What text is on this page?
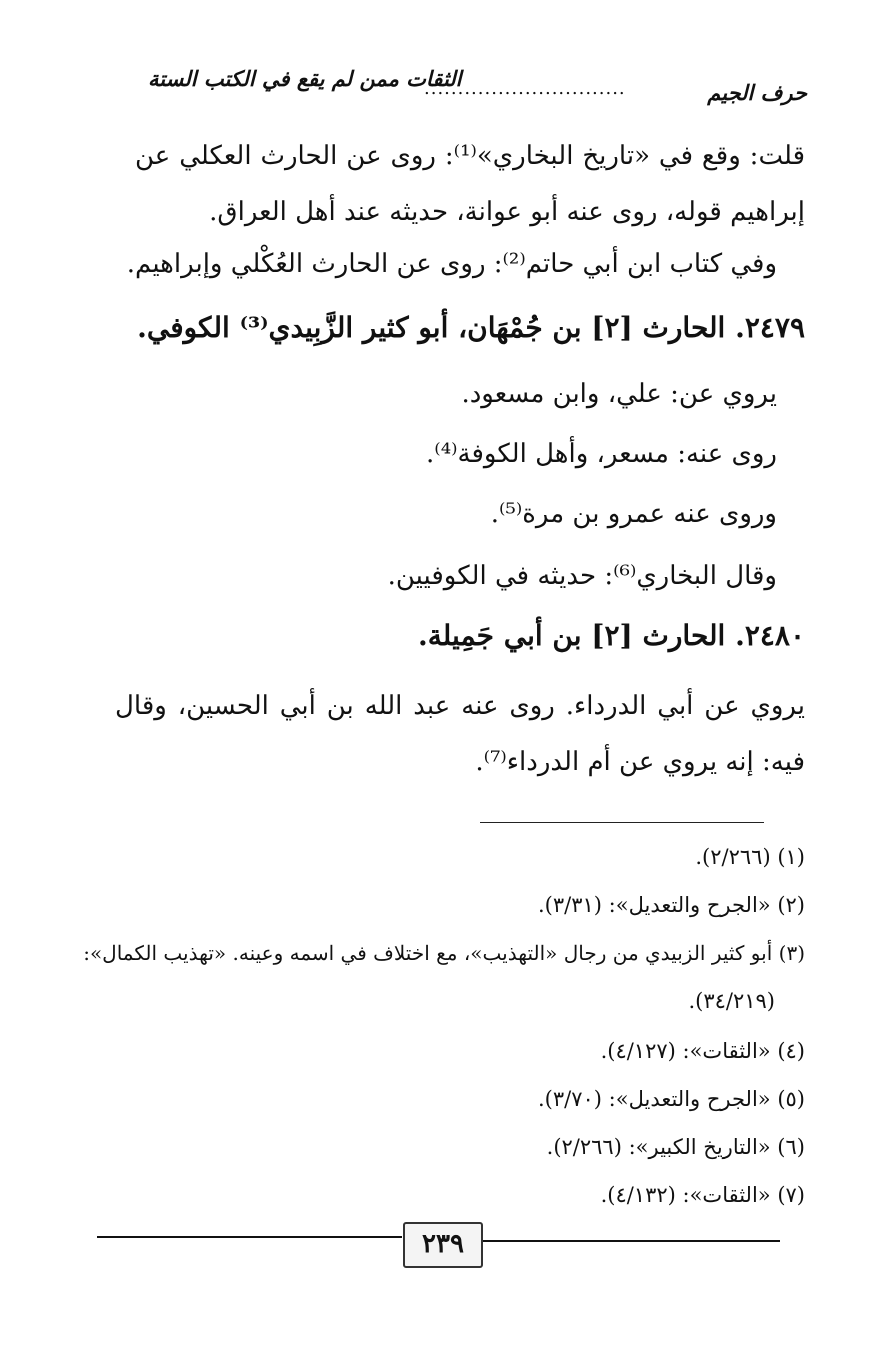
حرف الجيم
..............................
الثقات ممن لم يقع في الكتب الستة
قلت: وقع في «تاريخ البخاري»⁽¹⁾: روى عن الحارث العكلي عن إبراهيم قوله، روى عنه أبو عوانة، حديثه عند أهل العراق.
وفي كتاب ابن أبي حاتم⁽²⁾: روى عن الحارث العُكْلي وإبراهيم.
٢٤٧٩. الحارث [٢] بن جُمْهَان، أبو كثير الزَّبِيدي⁽³⁾ الكوفي.
يروي عن: علي، وابن مسعود.
روى عنه: مسعر، وأهل الكوفة⁽⁴⁾.
وروى عنه عمرو بن مرة⁽⁵⁾.
وقال البخاري⁽⁶⁾: حديثه في الكوفيين.
٢٤٨٠. الحارث [٢] بن أبي جَمِيلة.
يروي عن أبي الدرداء. روى عنه عبد الله بن أبي الحسين، وقال فيه: إنه يروي عن أم الدرداء⁽⁷⁾.
(١) (٢/٢٦٦).
(٢) «الجرح والتعديل»: (٣/٣١).
(٣) أبو كثير الزبيدي من رجال «التهذيب»، مع اختلاف في اسمه وعينه. «تهذيب الكمال»:
(٣٤/٢١٩).
(٤) «الثقات»: (٤/١٢٧).
(٥) «الجرح والتعديل»: (٣/٧٠).
(٦) «التاريخ الكبير»: (٢/٢٦٦).
(٧) «الثقات»: (٤/١٣٢).
٢٣٩
